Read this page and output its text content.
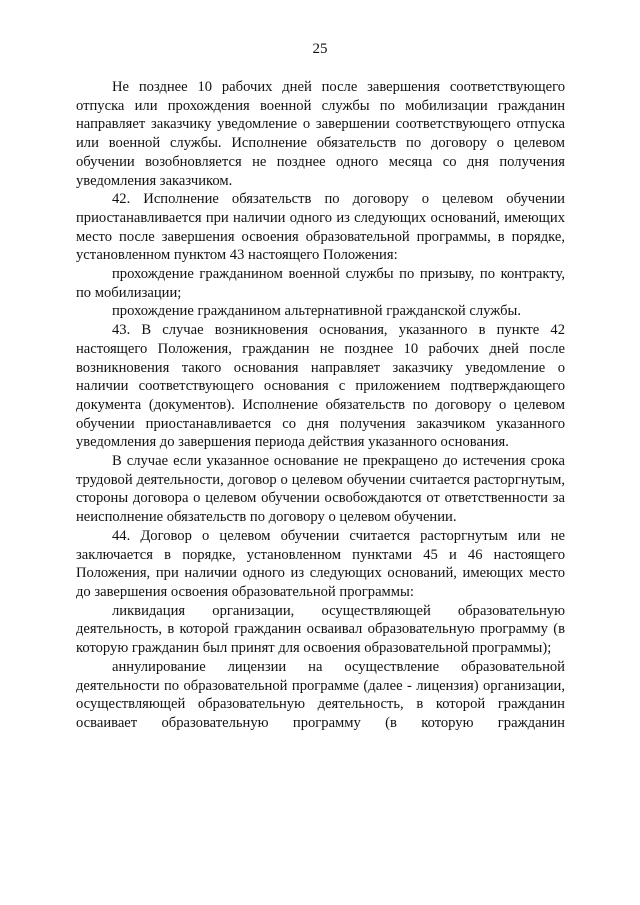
25

Не позднее 10 рабочих дней после завершения соответствующего отпуска или прохождения военной службы по мобилизации гражданин направляет заказчику уведомление о завершении соответствующего отпуска или военной службы. Исполнение обязательств по договору о целевом обучении возобновляется не позднее одного месяца со дня получения уведомления заказчиком.

42. Исполнение обязательств по договору о целевом обучении приостанавливается при наличии одного из следующих оснований, имеющих место после завершения освоения образовательной программы, в порядке, установленном пунктом 43 настоящего Положения:

прохождение гражданином военной службы по призыву, по контракту, по мобилизации;

прохождение гражданином альтернативной гражданской службы.

43. В случае возникновения основания, указанного в пункте 42 настоящего Положения, гражданин не позднее 10 рабочих дней после возникновения такого основания направляет заказчику уведомление о наличии соответствующего основания с приложением подтверждающего документа (документов). Исполнение обязательств по договору о целевом обучении приостанавливается со дня получения заказчиком указанного уведомления до завершения периода действия указанного основания.

В случае если указанное основание не прекращено до истечения срока трудовой деятельности, договор о целевом обучении считается расторгнутым, стороны договора о целевом обучении освобождаются от ответственности за неисполнение обязательств по договору о целевом обучении.

44. Договор о целевом обучении считается расторгнутым или не заключается в порядке, установленном пунктами 45 и 46 настоящего Положения, при наличии одного из следующих оснований, имеющих место до завершения освоения образовательной программы:

ликвидация организации, осуществляющей образовательную деятельность, в которой гражданин осваивал образовательную программу (в которую гражданин был принят для освоения образовательной программы);

аннулирование лицензии на осуществление образовательной деятельности по образовательной программе (далее - лицензия) организации, осуществляющей образовательную деятельность, в которой гражданин осваивает образовательную программу (в которую гражданин
